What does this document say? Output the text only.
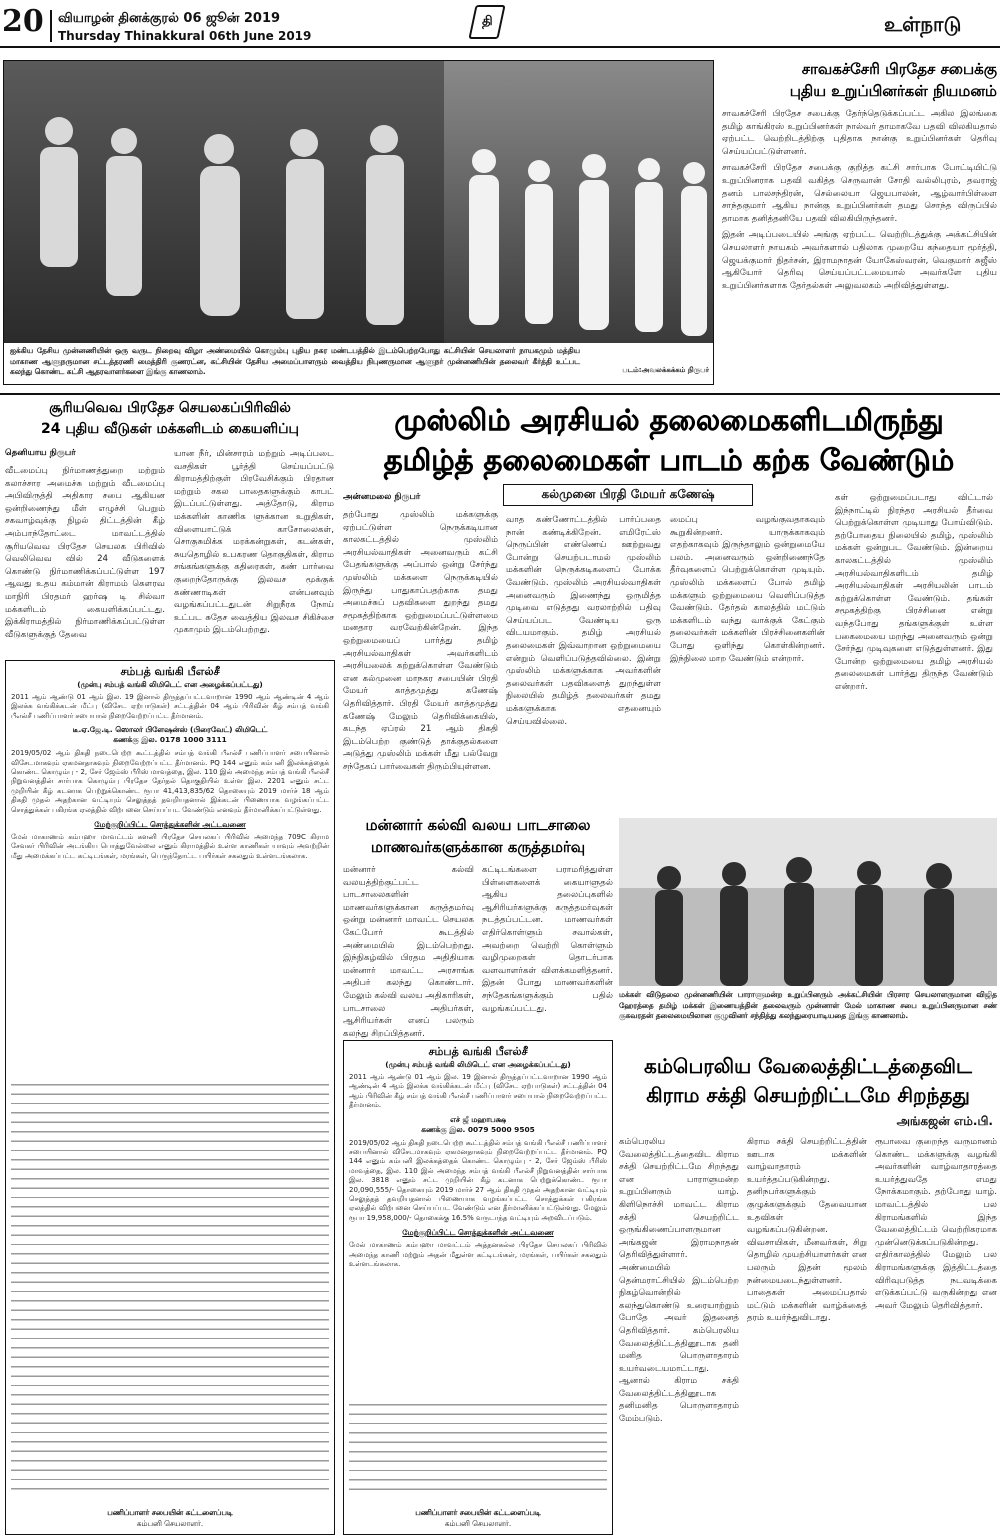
20 வியாழன் தினக்குரல் 06 ஜூன் 2019
Thursday Thinakkural 06th June 2019
தி	உள்நாடு
ஐக்கிய தேசிய முன்னணியின் ஒரு வருட நிறைவு விழா அண்மையில் கொழும்பு புதிய நகர மண்டபத்தில் இடம்பெற்றபோது கட்சியின் செயலாளர் நாயகமும் மத்திய மாகாண ஆளுநருமான சட்டத்தரணி மைத்திரி குணரட்ன, கட்சியின் தேசிய அமைப்பாளரும் வைத்திய நிபுணருமான ஆளுநர் முன்னணியின் தலைவர் கீர்த்தி உட்பட கலந்து கொண்ட கட்சி ஆதரவாளர்களை இங்கு காணலாம்.	படம்:அவலக்கக்கம் நிருபர்
சாவகச்சேரி பிரதேச சபைக்கு
புதிய உறுப்பினர்கள் நியமனம்

சாவகச்சேரி பிரதேச சபைக்கு தேர்ந்தெடுக்கப்பட்ட அகில இலங்கை தமிழ் காங்கிரஸ் உறுப்பினர்கள் நால்வர் தாமாகவே பதவி விலகியதால் ஏற்பட்ட வெற்றிடத்திற்கு புதிதாக நான்கு உறுப்பினர்கள் தெரிவு செய்யப்பட்டுள்ளனர்.

சாவகச்சேரி பிரதேச சபைக்கு குறித்த கட்சி சார்பாக போட்டியிட்டு உறுப்பினராக பதவி வகித்த செருவான் சோதி வல்லிபுரம், தவராஜ் தனம் பாலசந்திரன், செல்லையா ஜெயபாலன், ஆழ்வார்பிள்ளை சாந்தகுமார் ஆகிய நான்கு உறுப்பினர்கள் தமது சொந்த விருப்பில் தாமாக தனித்தனியே பதவி விலகியிருந்தனர்.

இதன் அடிப்படையில் அங்கு ஏற்பட்ட வெற்றிடத்துக்கு அக்கட்சியின் செயலாளர் நாயகம் அவர்களால் பதிலாக முறையே கந்தையா மூர்த்தி, ஜெயக்குமார் நிதர்சன், இராமநாதன் யோகேஸ்வரன், வெகுமார் சுஜீஸ் ஆகியோர் தெரிவு செய்யப்பட்டமையால் அவர்களே புதிய உறுப்பினர்களாக தேர்தல்கள் அலுவலகம் அறிவித்துள்ளது.

சூரியவெவ பிரதேச செயலகப்பிரிவில்
24 புதிய வீடுகள் மக்களிடம் கையளிப்பு
தெனியாய நிருபர்
வீடமைப்பு நிர்மாணத்துறை மற்றும் கலாச்சார அமைச்சு மற்றும் வீடமைப்பு அபிவிருத்தி அதிகார சபை ஆகியன ஒன்றிணைந்து மீள் எழுச்சி பெறும் சகவாழ்வுக்கு நிழல் திட்டத்தின் கீழ் அம்பாந்தோட்டை மாவட்டத்தில் சூரியவெவ பிரதேச செயலக பிரிவில் வெலிவெவ வில் 24 வீடுகளைக் கொண்டு நிர்மாணிக்கப்பட்டுள்ள 197 ஆவது உதய கம்மான் கிராமம் கௌரவ மாநிரி பிரதமர் ஹர்ஷ டி சில்வா மக்களிடம் கையளிக்கப்பட்டது. இக்கிராமத்தில் நிர்மாணிக்கப்பட்டுள்ள வீடுகளுக்குத் தேவை
யான நீர், மின்சாரம் மற்றும் அடிப்படை வசதிகள் பூர்த்தி செய்யப்பட்டு கிராமத்திற்குள் பிரவேசிக்கும் பிரதான மற்றும் சகல பாதைகளுக்கும் காபட் இடப்பட்டுள்ளது. அத்தோடு, கிராம மக்களின் காணிக ளுக்கான உறுதிகள், விளையாட்டுக் காசோலைகள், சொகுசுமிக்க மரக்கன்றுகள், கடன்கள், சுயதொழில் உபகரண தொகுதிகள், கிராம சங்கங்களுக்கு கதிரைகள், கண் பார்வை குறைந்தோருக்கு இலவச மூக்குக் கண்ணாடிகள் என்பனவும் வழங்கப்பட்டதுடன் சிறுநீரக நோய் உட்பட சுதேச வைத்திய இலவச சிகிச்சை முகாமும் இடம்பெற்றது.
சம்பத் வங்கி பீஎல்சீ
(முன்பு சம்பத் வங்கி லிமிடெட் என அழைக்கப்பட்டது)
2011 ஆம் ஆண்டு 01 ஆம் இல. 19 இனால் திருத்தப்பட்டவாறான 1990 ஆம் ஆண்டின் 4 ஆம் இலக்க வங்கிக்கடன் மீட்பு (விசேட ஏற்பாடுகள்) சட்டத்தின் 04 ஆம் பிரிவின் கீழ் சம்பத் வங்கி பீஎல்சீ பணிப்பாளர் சபையால் நிறைவேற்றப்பட்ட தீர்மானம்.
டீ.ஏ.ஜே.டி. ஸொலர் பிளேஷன்ஸ் (பிரைவேட்) லிமிடெட்
கணக்கு இல. 0178 1000 3111
2019/05/02 ஆம் திகதி நடைபெற்ற கூட்டத்தில் சம்பத் வங்கி பீஎல்சீ பணிப்பாளர் சபையினால் விசேடமாகவும் ஏகமனதாகவும் நிறைவேற்றப்பட்ட தீர்மானம். PQ 144 எனும் கம்பனி இலக்கத்தைக் கொண்ட கொழும்பு - 2, சேர் ஜேம்ஸ் பீரிஸ் மாவத்தை, இல. 110 இல் அமைந்த சம்பத் வங்கி பீஎல்சீ நிறுவனத்தின் சார்பாக கொழும்பு பிரதேச தேர்தல் தொகுதியில் உள்ள இல. 2201 எனும் சட்ட முறியின் கீழ் கடனாக பெற்றுக்கொண்ட ரூபா 41,413,835/62 தொகையும் 2019 மார்ச் 18 ஆம் திகதி முதல் அதற்கான வட்டியும் செலுத்தத் தவறியதனால் இக்கடன் பிணையாக வழங்கப்பட்ட சொத்துக்கள் பகிரங்க ஏலத்தில் விற்பனை செய்யப்பட வேண்டும் எனவும் தீர்மானிக்கப்பட்டுள்ளது.
மேற்குறிப்பிட்ட சொத்துக்களின் அட்டவணை
மேல் மாகாணம் கம்பஹா மாவட்டம் களனி பிரதேச செயலகப் பிரிவில் அமைந்த 709C கிராம சேவகர் பிரிவின் அடங்கிய பொத்துவேல்லை எனும் கிராமத்தில் உள்ள காணிகள் யாவும் அவற்றின் மீது அமைக்கப்பட்ட கட்டிடங்கள், மரங்கள், பெருந்தோட்ட பயிர்கள் சகலதும் உள்ளடங்கலாக.
பணிப்பாளர் சபையின் கட்டளைப்படி
கம்பனி செயலாளர்.
முஸ்லிம் அரசியல் தலைமைகளிடமிருந்து
தமிழ்த் தலைமைகள் பாடம் கற்க வேண்டும்
கல்முனை பிரதி மேயர் கணேஷ்
அன்னமலை நிருபர்
தற்போது முஸ்லிம் மக்களுக்கு ஏற்பட்டுள்ள நெருக்கடியான காலகட்டத்தில் முஸ்லிம் அரசியல்வாதிகள் அனைவரும் கட்சி பேதங்களுக்கு அப்பால் ஒன்று சேர்ந்து முஸ்லிம் மக்களை நெருக்கடியில் இருந்து பாதுகாப்பதற்காக தமது அமைச்சுப் பதவிகளை துறந்து தமது சமூகத்திற்காக ஒற்றுமைப்பட்டுள்ளமை மனதார வரவேற்கின்றேன். இந்த ஒற்றுமையைப் பார்த்து தமிழ் அரசியல்வாதிகள் அவர்களிடம் அரசியலைக் கற்றுக்கொள்ள வேண்டும் என கல்முனை மாநகர சபையின் பிரதி மேயர் காத்தமுத்து கணேஷ் தெரிவித்தார். பிரதி மேயர் காத்தமுத்து கணேஷ் மேலும் தெரிவிக்கையில், கடந்த ஏப்ரல் 21 ஆம் திகதி இடம்பெற்ற குண்டுத் தாக்குதல்களை அடுத்து முஸ்லிம் மக்கள் மீது பல்வேறு சந்தேகப் பார்வைகள் திரும்பியுள்ளன.
வாத கண்ணோட்டத்தில் பார்ப்பதை நான் கண்டிக்கிறேன். எமிரேட்ஸ் நெருப்பின் எண்ணெய் ஊற்றுவது போன்று செயற்படாமல் முஸ்லிம் மக்களின் நெருக்கடிகளைப் போக்க வேண்டும். முஸ்லிம் அரசியல்வாதிகள் அனைவரும் இணைந்து ஒருமித்த முடிவை எடுத்தது வரலாற்றில் பதிவு செய்யப்பட வேண்டிய ஒரு விடயமாகும். தமிழ் அரசியல் தலைமைகள் இவ்வாறான ஒற்றுமையை என்றும் வெளிப்படுத்தவில்லை. இன்று முஸ்லிம் மக்களுக்காக அவர்களின் தலைவர்கள் பதவிகளைத் துறந்துள்ள நிலையில் தமிழ்த் தலைவர்கள் தமது மக்களுக்காக எதனையும் செய்யவில்லை.
மைப்பு வழங்குவதாகவும் கூறுகின்றனர். யாருக்காகவும் எதற்காகவும் இருந்தாலும் ஒன்றுமையே பலம். அனைவரும் ஒன்றிணைந்தே தீர்வுகளைப் பெற்றுக்கொள்ள முடியும். முஸ்லிம் மக்களைப் போல் தமிழ் மக்களும் ஒற்றுமையை வெளிப்படுத்த வேண்டும். தேர்தல் காலத்தில் மட்டும் மக்களிடம் வந்து வாக்குக் கேட்கும் தலைவர்கள் மக்களின் பிரச்சினைகளின் போது ஒளிந்து கொள்கின்றனர். இந்நிலை மாற வேண்டும் என்றார்.
கள் ஒற்றுமைப்படாது விட்டால் இந்நாட்டில் நிரந்தர அரசியல் தீர்வை பெற்றுக்கொள்ள முடியாது போய்விடும். தற்போதைய நிலையில் தமிழ், முஸ்லிம் மக்கள் ஒன்றுபட வேண்டும். இன்றைய காலகட்டத்தில் முஸ்லிம் அரசியல்வாதிகளிடம் தமிழ் அரசியல்வாதிகள் அரசியலின் பாடம் கற்றுக்கொள்ள வேண்டும். தங்கள் சமூகத்திற்கு பிரச்சினை என்று வந்தபோது தங்களுக்குள் உள்ள பகைமையை மறந்து அனைவரும் ஒன்று சேர்ந்து முடிவுகளை எடுத்துள்ளனர். இது போன்ற ஒற்றுமையை தமிழ் அரசியல் தலைமைகள் பார்த்து திருந்த வேண்டும் என்றார்.
மன்னார் கல்வி வலய பாடசாலை
மாணவர்களுக்கான கருத்தமர்வு
மன்னார் கல்வி வலயத்திற்குட்பட்ட பாடசாலைகளின் மாணவர்களுக்கான கருத்தமர்வு ஒன்று மன்னார் மாவட்ட செயலக கேட்போர் கூடத்தில் அண்மையில் இடம்பெற்றது. இந்நிகழ்வில் பிரதம அதிதியாக மன்னார் மாவட்ட அரசாங்க அதிபர் கலந்து கொண்டார். மேலும் கல்வி வலய அதிகாரிகள், பாடசாலை அதிபர்கள், ஆசிரியர்கள் எனப் பலரும் கலந்து சிறப்பித்தனர்.
கட்டிடங்களை பராமரித்துள்ள பிள்ளைகளைக் கையாளுதல் ஆகிய தலைப்புகளில் ஆசிரியர்களுக்கு கருத்தமர்வுகள் நடத்தப்பட்டன. மாணவர்கள் எதிர்கொள்ளும் சவால்கள், அவற்றை வெற்றி கொள்ளும் வழிமுறைகள் தொடர்பாக வளவாளர்கள் விளக்கமளித்தனர். இதன் போது மாணவர்களின் சந்தேகங்களுக்கும் பதில் வழங்கப்பட்டது.
மக்கள் விடுதலை முன்னணியின் பாராளுமன்ற உறுப்பினரும் அக்கட்சியின் பிரசார செயலாளருமான விஜித ஹேரத்தை தமிழ் மக்கள் இணையத்தின் தலைவரும் முன்னாள் மேல் மாகாண சபை உறுப்பினருமான சண் குகவரதன் தலைமையிலான குழுவினர் சந்தித்து கலந்துரையாடியதை இங்கு காணலாம்.
சம்பத் வங்கி பீஎல்சீ
(முன்பு சம்பத் வங்கி லிமிடெட் என அழைக்கப்பட்டது)
2011 ஆம் ஆண்டு 01 ஆம் இல. 19 இனால் திருத்தப்பட்டவாறான 1990 ஆம் ஆண்டின் 4 ஆம் இலக்க வங்கிக்கடன் மீட்பு (விசேட ஏற்பாடுகள்) சட்டத்தின் 04 ஆம் பிரிவின் கீழ் சம்பத் வங்கி பீஎல்சீ பணிப்பாளர் சபையால் நிறைவேற்றப்பட்ட தீர்மானம்.
எச் ஜீ மஹாபக்ஷ
கணக்கு இல. 0079 5000 9505
2019/05/02 ஆம் திகதி நடைபெற்ற கூட்டத்தில் சம்பத் வங்கி பீஎல்சீ பணிப்பாளர் சபையினால் விசேடமாகவும் ஏகமனதாகவும் நிறைவேற்றப்பட்ட தீர்மானம். PQ 144 எனும் கம்பனி இலக்கத்தைக் கொண்ட கொழும்பு - 2, சேர் ஜேம்ஸ் பீரிஸ் மாவத்தை, இல. 110 இல் அமைந்த சம்பத் வங்கி பீஎல்சீ நிறுவனத்தின் சார்பாக இல. 3818 எனும் சட்ட முறியின் கீழ் கடனாக பெற்றுக்கொண்ட ரூபா 20,090,555/- தொகையும் 2019 மார்ச் 27 ஆம் திகதி முதல் அதற்கான வட்டியும் செலுத்தத் தவறியதனால் பிணையாக வழங்கப்பட்ட சொத்துக்கள் பகிரங்க ஏலத்தில் விற்பனை செய்யப்பட வேண்டும் என தீர்மானிக்கப்பட்டுள்ளது. மேலும் ரூபா 19,958,000/- தொகைக்கு 16.5% வருடாந்த வட்டியும் அறவிடப்படும்.
மேற்குறிப்பிட்ட சொத்துக்களின் அட்டவணை
மேல் மாகாணம் கம்பஹா மாவட்டம் அத்தனகல்ல பிரதேச செயலகப் பிரிவில் அமைந்த காணி மற்றும் அதன் மீதுள்ள கட்டிடங்கள், மரங்கள், பயிர்கள் சகலதும் உள்ளடங்கலாக.
பணிப்பாளர் சபையின் கட்டளைப்படி
கம்பனி செயலாளர்.
கம்பெரலிய வேலைத்திட்டத்தைவிட
கிராம சக்தி செயற்றிட்டமே சிறந்தது
அங்கஜன் எம்.பி.
கம்பெரலிய வேலைத்திட்டத்தைவிட கிராம சக்தி செயற்றிட்டமே சிறந்தது என பாராளுமன்ற உறுப்பினரும் யாழ். கிளிநொச்சி மாவட்ட கிராம சக்தி செயற்றிட்ட ஒருங்கிணைப்பாளருமான அங்கஜன் இராமநாதன் தெரிவித்துள்ளார். அண்மையில் தென்மராட்சியில் இடம்பெற்ற நிகழ்வொன்றில் கலந்துகொண்டு உரையாற்றும் போதே அவர் இதனைத் தெரிவித்தார். கம்பெரலிய வேலைத்திட்டத்தினூடாக தனி மனித பொருளாதாரம் உயர்வடையமாட்டாது. ஆனால் கிராம சக்தி வேலைத்திட்டத்தினூடாக தனிமனித பொருளாதாரம் மேம்படும்.
கிராம சக்தி செயற்றிட்டத்தின் ஊடாக மக்களின் வாழ்வாதாரம் உயர்த்தப்படுகின்றது. தனிநபர்களுக்கும் குழுக்களுக்கும் தேவையான உதவிகள் வழங்கப்படுகின்றன. விவசாயிகள், மீனவர்கள், சிறு தொழில் முயற்சியாளர்கள் என பலரும் இதன் மூலம் நன்மையடைந்துள்ளனர். பாதைகள் அமைப்பதால் மட்டும் மக்களின் வாழ்க்கைத் தரம் உயர்ந்துவிடாது.
ரூபாவை குறைந்த வருமானம் கொண்ட மக்களுக்கு வழங்கி அவர்களின் வாழ்வாதாரத்தை உயர்த்துவதே எமது நோக்கமாகும். தற்போது யாழ். மாவட்டத்தில் பல கிராமங்களில் இந்த வேலைத்திட்டம் வெற்றிகரமாக முன்னெடுக்கப்படுகின்றது. எதிர்காலத்தில் மேலும் பல கிராமங்களுக்கு இத்திட்டத்தை விரிவுபடுத்த நடவடிக்கை எடுக்கப்பட்டு வருகின்றது என அவர் மேலும் தெரிவித்தார்.
